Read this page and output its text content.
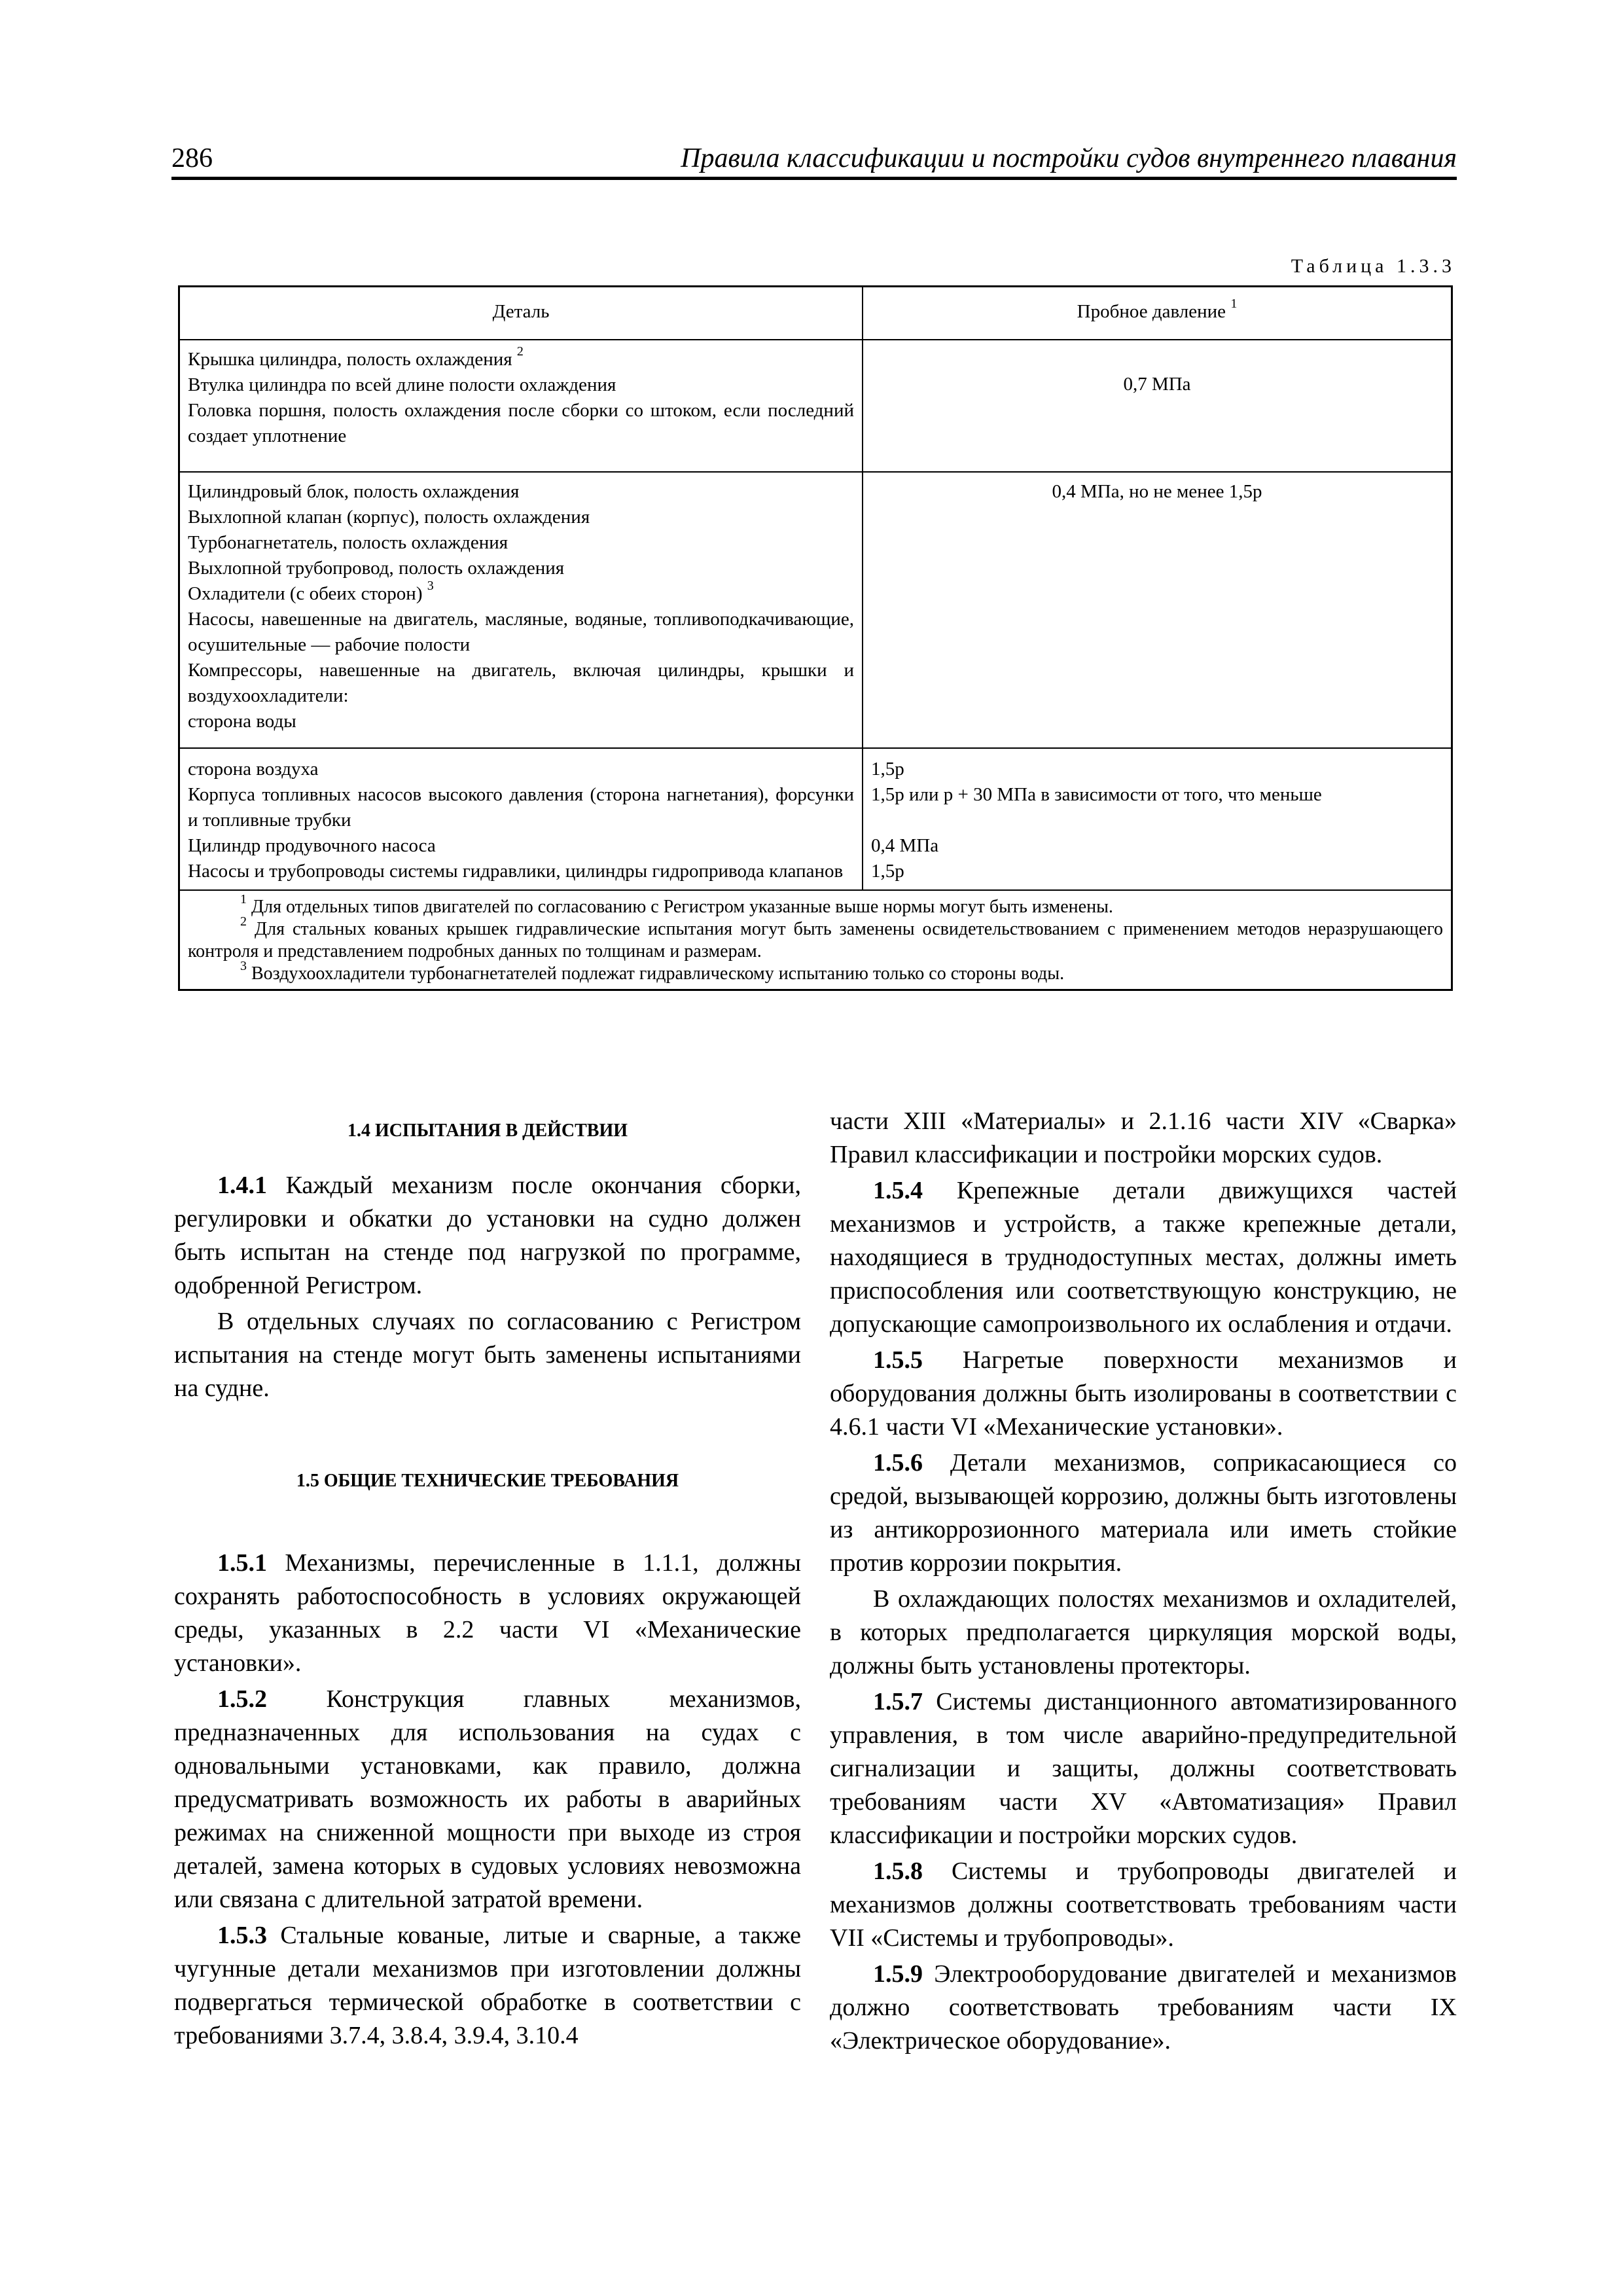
286	Правила классификации и постройки судов внутреннего плавания
Таблица 1.3.3
Деталь	Пробное давление $^1$
Крышка цилиндра, полость охлаждения $^2$
Втулка цилиндра по всей длине полости охлаждения
Головка поршня, полость охлаждения после сборки со штоком, если последний создает уплотнение
0,7 МПа
Цилиндровый блок, полость охлаждения
Выхлопной клапан (корпус), полость охлаждения
Турбонагнетатель, полость охлаждения
Выхлопной трубопровод, полость охлаждения
Охладители (с обеих сторон) $^3$
Насосы, навешенные на двигатель, масляные, водяные, топливоподкачивающие, осушительные — рабочие полости
Компрессоры, навешенные на двигатель, включая цилиндры, крышки и воздухоохладители:
сторона воды
0,4 МПа, но не менее 1,5p
сторона воздуха
Корпуса топливных насосов высокого давления (сторона нагнетания), форсунки и топливные трубки
Цилиндр продувочного насоса
Насосы и трубопроводы системы гидравлики, цилиндры гидропривода клапанов
1,5p
1,5p или p + 30 МПа в зависимости от того, что меньше
0,4 МПа
1,5p
$^1$ Для отдельных типов двигателей по согласованию с Регистром указанные выше нормы могут быть изменены.
$^2$ Для стальных кованых крышек гидравлические испытания могут быть заменены освидетельствованием с применением методов неразрушающего контроля и представлением подробных данных по толщинам и размерам.
$^3$ Воздухоохладители турбонагнетателей подлежат гидравлическому испытанию только со стороны воды.
1.4 ИСПЫТАНИЯ В ДЕЙСТВИИ

1.4.1 Каждый механизм после окончания сборки, регулировки и обкатки до установки на судно должен быть испытан на стенде под нагрузкой по программе, одобренной Регистром.

В отдельных случаях по согласованию с Регистром испытания на стенде могут быть заменены испытаниями на судне.

1.5 ОБЩИЕ ТЕХНИЧЕСКИЕ ТРЕБОВАНИЯ

1.5.1 Механизмы, перечисленные в 1.1.1, должны сохранять работоспособность в условиях окружающей среды, указанных в 2.2 части VI «Механические установки».

1.5.2 Конструкция главных механизмов, предназначенных для использования на судах с одновальными установками, как правило, должна предусматривать возможность их работы в аварийных режимах на сниженной мощности при выходе из строя деталей, замена которых в судовых условиях невозможна или связана с длительной затратой времени.

1.5.3 Стальные кованые, литые и сварные, а также чугунные детали механизмов при изготовлении должны подвергаться термической обработке в соответствии с требованиями 3.7.4, 3.8.4, 3.9.4, 3.10.4

части XIII «Материалы» и 2.1.16 части XIV «Сварка» Правил классификации и постройки морских судов.

1.5.4 Крепежные детали движущихся частей механизмов и устройств, а также крепежные детали, находящиеся в труднодоступных местах, должны иметь приспособления или соответствующую конструкцию, не допускающие самопроизвольного их ослабления и отдачи.

1.5.5 Нагретые поверхности механизмов и оборудования должны быть изолированы в соответствии с 4.6.1 части VI «Механические установки».

1.5.6 Детали механизмов, соприкасающиеся со средой, вызывающей коррозию, должны быть изготовлены из антикоррозионного материала или иметь стойкие против коррозии покрытия.

В охлаждающих полостях механизмов и охладителей, в которых предполагается циркуляция морской воды, должны быть установлены протекторы.

1.5.7 Системы дистанционного автоматизированного управления, в том числе аварийно-предупредительной сигнализации и защиты, должны соответствовать требованиям части XV «Автоматизация» Правил классификации и постройки морских судов.

1.5.8 Системы и трубопроводы двигателей и механизмов должны соответствовать требованиям части VII «Системы и трубопроводы».

1.5.9 Электрооборудование двигателей и механизмов должно соответствовать требованиям части IX «Электрическое оборудование».
